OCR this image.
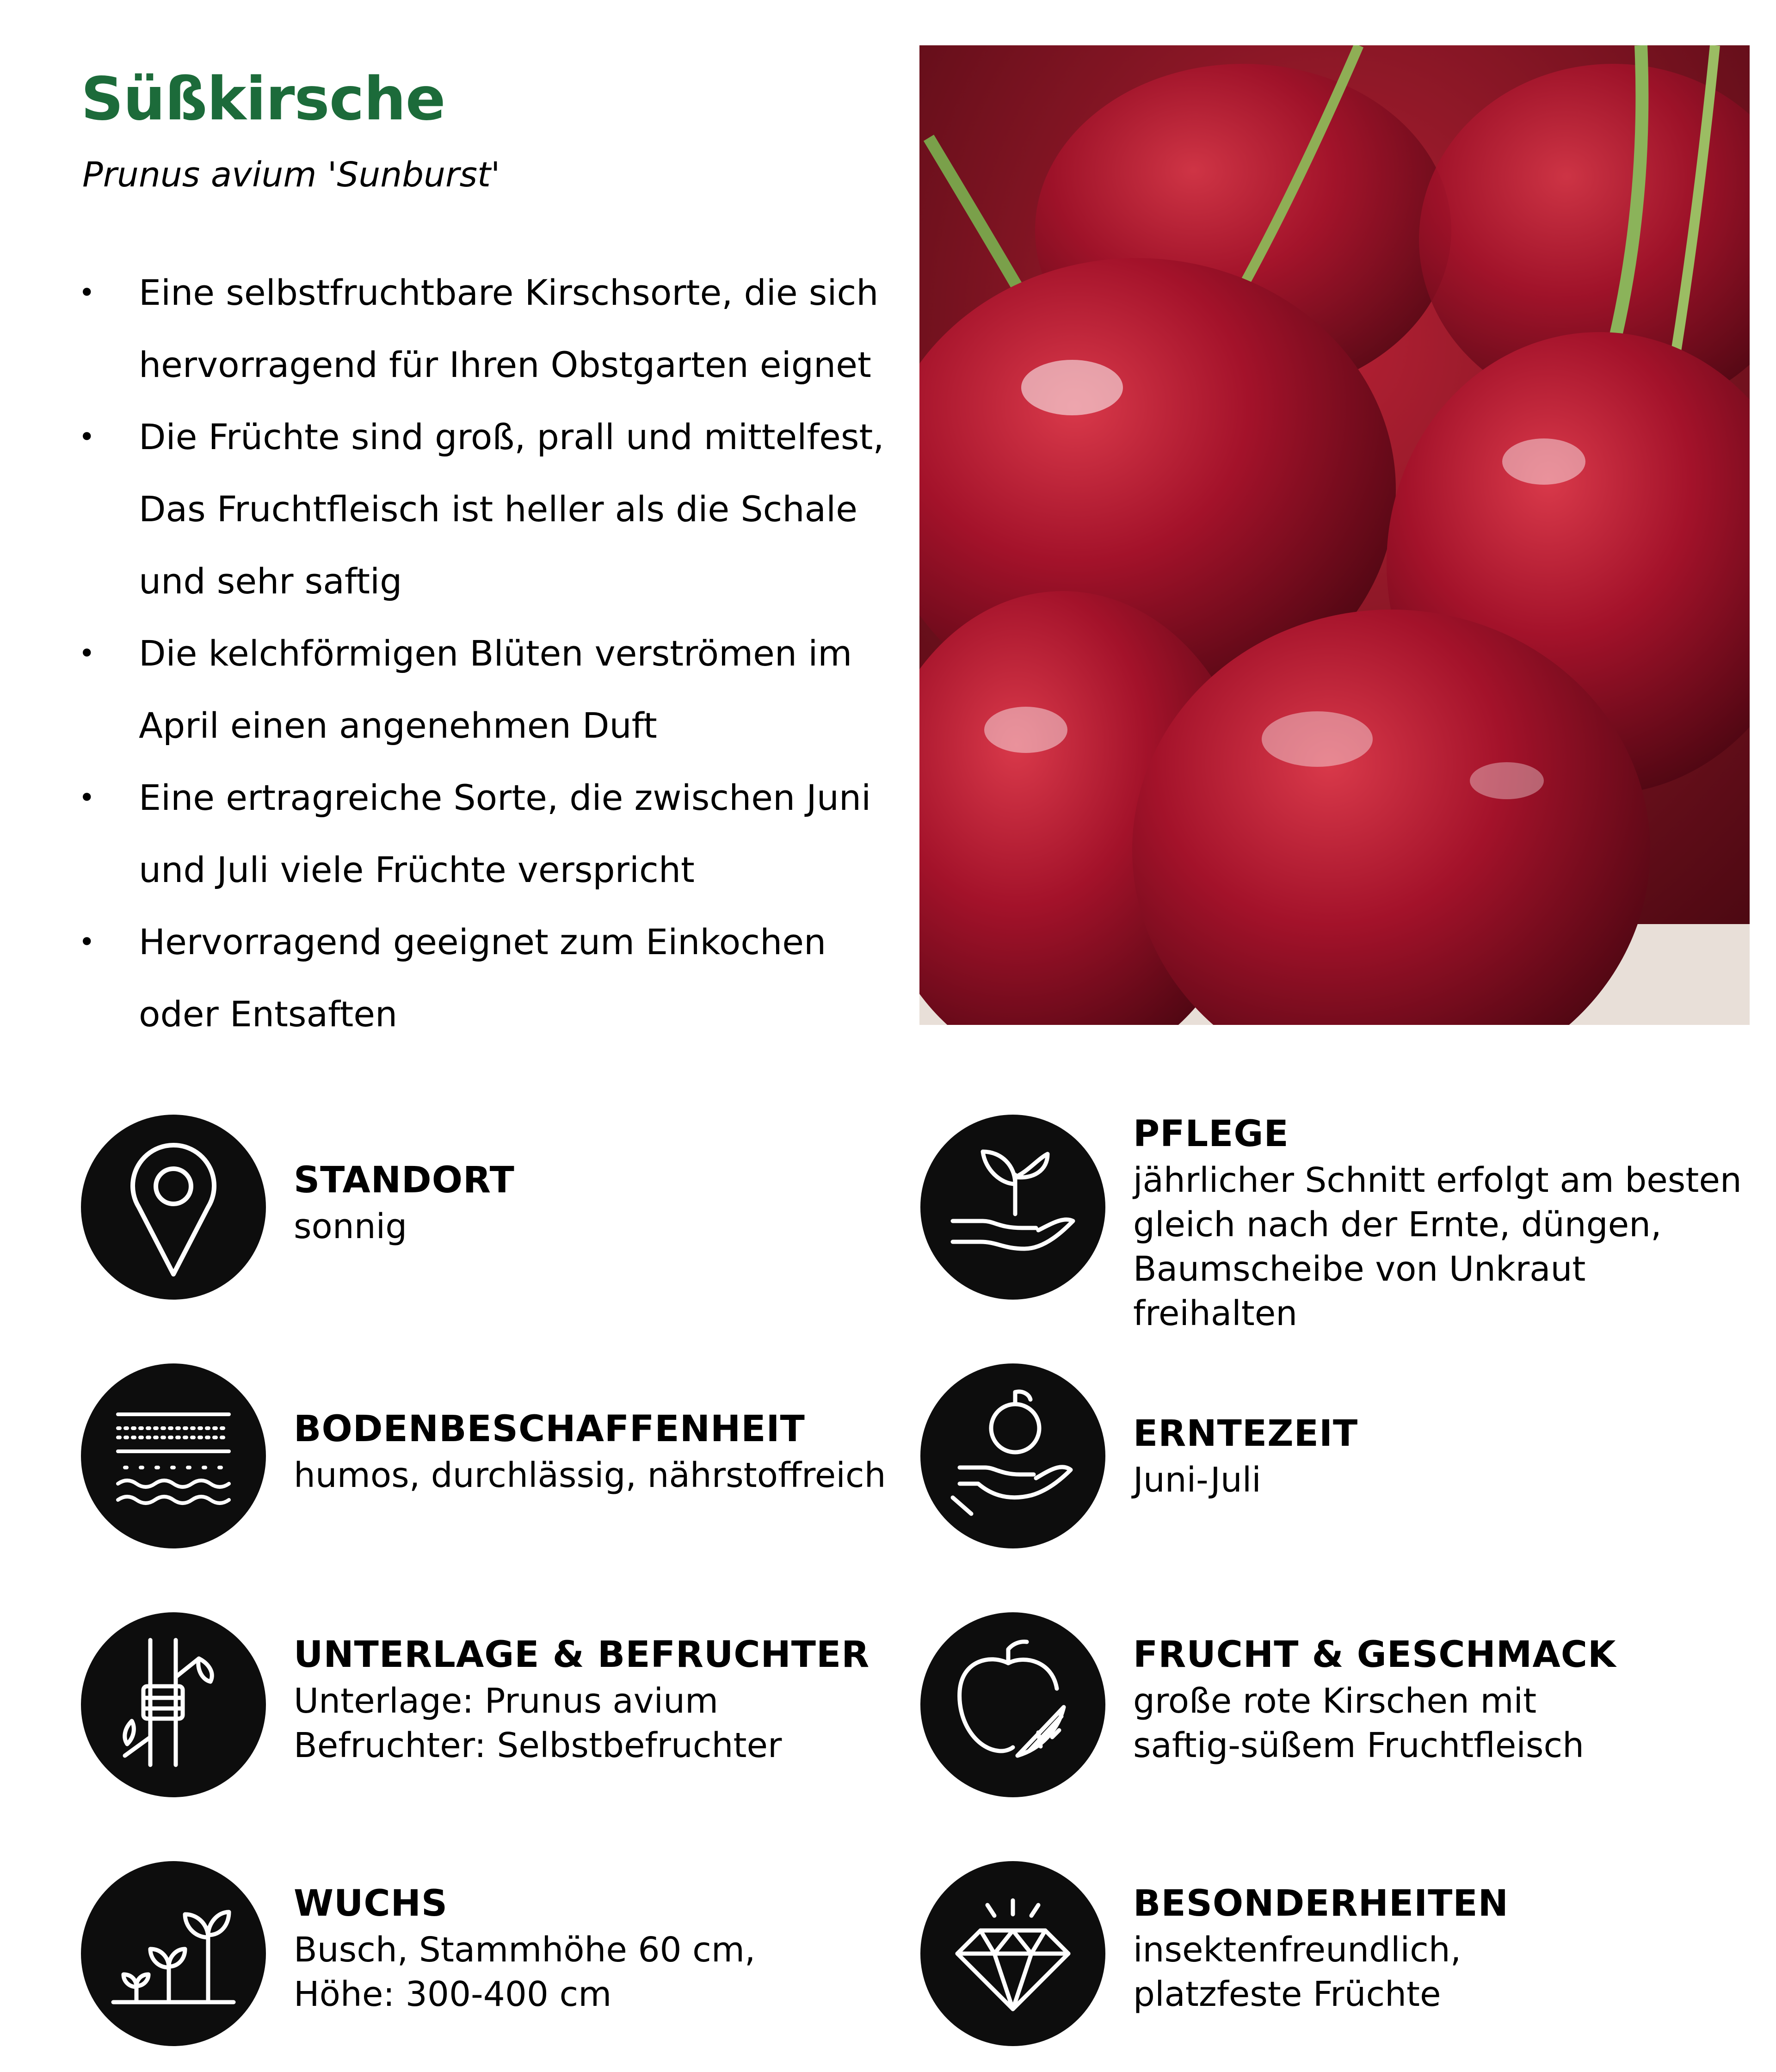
Süßkirsche
Prunus avium 'Sunburst'
• Eine selbstfruchtbare Kirschsorte, die sich hervorragend für Ihren Obstgarten eignet
• Die Früchte sind groß, prall und mittelfest, Das Fruchtfleisch ist heller als die Schale und sehr saftig
• Die kelchförmigen Blüten verströmen im April einen angenehmen Duft
• Eine ertragreiche Sorte, die zwischen Juni und Juli viele Früchte verspricht
• Hervorragend geeignet zum Einkochen oder Entsaften
STANDORT
sonnig
PFLEGE
jährlicher Schnitt erfolgt am besten
gleich nach der Ernte, düngen,
Baumscheibe von Unkraut freihalten
BODENBESCHAFFENHEIT
humos, durchlässig, nährstoffreich
ERNTEZEIT
Juni-Juli
UNTERLAGE & BEFRUCHTER
Unterlage: Prunus avium
Befruchter: Selbstbefruchter
FRUCHT & GESCHMACK
große rote Kirschen mit
saftig-süßem Fruchtfleisch
WUCHS
Busch, Stammhöhe 60 cm,
Höhe: 300-400 cm
BESONDERHEITEN
insektenfreundlich,
platzfeste Früchte
